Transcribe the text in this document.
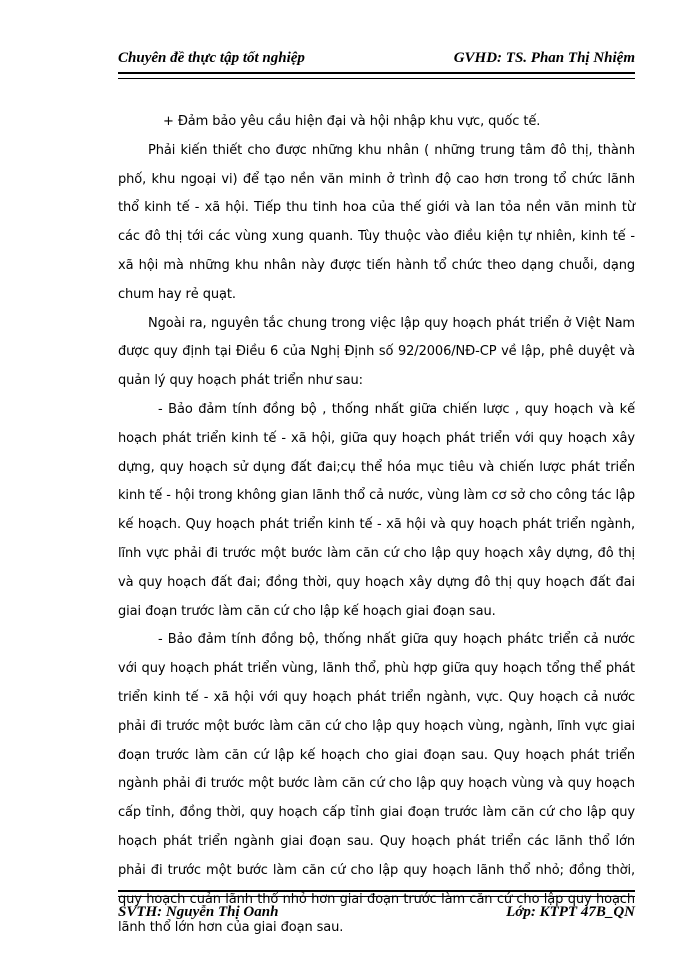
Chuyên đề thực tập tốt nghiệp	GVHD: TS. Phan Thị Nhiệm

+ Đảm bảo yêu cầu hiện đại và hội nhập khu vực, quốc tế.

Phải kiến thiết cho được những khu nhân ( những trung tâm đô thị, thành phố, khu ngoại vi) để tạo nền văn minh ở trình độ cao hơn trong tổ chức lãnh thổ kinh tế - xã hội. Tiếp thu tinh hoa của thế giới và lan tỏa nền văn minh từ các đô thị tới các vùng xung quanh. Tùy thuộc vào điều kiện tự nhiên, kinh tế - xã hội mà những khu nhân này được tiến hành tổ chức theo dạng chuỗi, dạng chum hay rẻ quạt.

Ngoài ra, nguyên tắc chung trong việc lập quy hoạch phát triển ở Việt Nam được quy định tại Điều 6 của Nghị Định số 92/2006/NĐ-CP về lập, phê duyệt và quản lý quy hoạch phát triển như sau:

- Bảo đảm tính đồng bộ , thống nhất giữa chiến lược , quy hoạch và kế hoạch phát triển kinh tế - xã hội, giữa quy hoạch phát triển với quy hoạch xây dựng, quy hoạch sử dụng đất đai;cụ thể hóa mục tiêu và chiến lược phát triển kinh tế - hội trong không gian lãnh thổ cả nước, vùng làm cơ sở cho công tác lập kế hoạch. Quy hoạch phát triển kinh tế - xã hội và quy hoạch phát triển ngành, lĩnh vực phải đi trước một bước làm căn cứ cho lập quy hoạch xây dựng, đô thị và quy hoạch đất đai; đồng thời, quy hoạch xây dựng đô thị quy hoạch đất đai giai đoạn trước làm căn cứ cho lập kế hoạch giai đoạn sau.

- Bảo đảm tính đồng bộ, thống nhất giữa quy hoạch phátc triển cả nước với quy hoạch phát triển vùng, lãnh thổ, phù hợp giữa quy hoạch tổng thể phát triển kinh tế - xã hội với quy hoạch phát triển ngành, vực. Quy hoạch cả nước phải đi trước một bước làm căn cứ cho lập quy hoạch vùng, ngành, lĩnh vực giai đoạn trước làm căn cứ lập kế hoạch cho giai đoạn sau. Quy hoạch phát triển ngành phải đi trước một bước làm căn cứ cho lập quy hoạch vùng và quy hoạch cấp tỉnh, đồng thời, quy hoạch cấp tỉnh giai đoạn trước làm căn cứ cho lập quy hoạch phát triển ngành giai đoạn sau. Quy hoạch phát triển các lãnh thổ lớn phải đi trước một bước làm căn cứ cho lập quy hoạch lãnh thổ nhỏ; đồng thời, quy hoạch cuản lãnh thổ nhỏ hơn giai đoạn trước làm căn cứ cho lập quy hoạch lãnh thổ lớn hơn của giai đoạn sau.

SVTH: Nguyễn Thị Oanh	Lớp: KTPT 47B_QN
